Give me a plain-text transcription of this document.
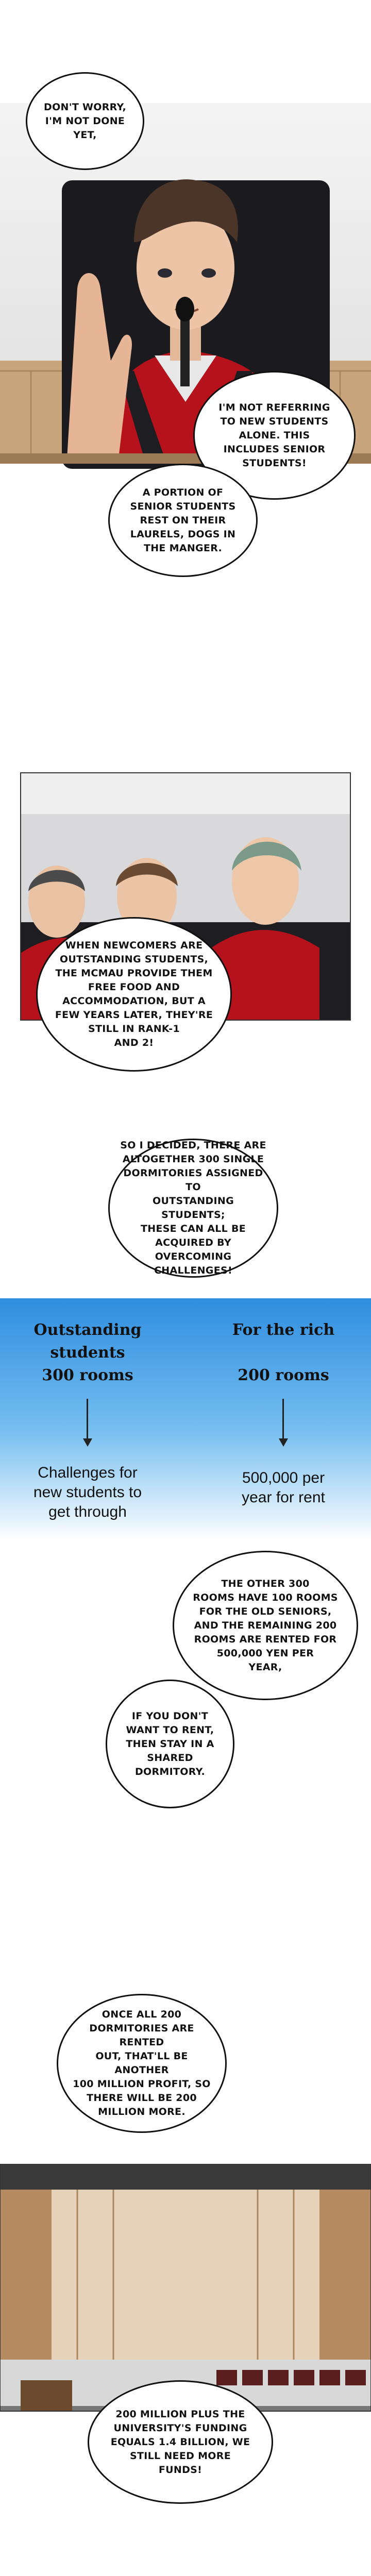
DON'T WORRY,
I'M NOT DONE
YET,
I'M NOT REFERRING
TO NEW STUDENTS
ALONE. THIS
INCLUDES SENIOR
STUDENTS!
A PORTION OF
SENIOR STUDENTS
REST ON THEIR
LAURELS, DOGS IN
THE MANGER.
WHEN NEWCOMERS ARE
OUTSTANDING STUDENTS,
THE MCMAU PROVIDE THEM
FREE FOOD AND
ACCOMMODATION, BUT A
FEW YEARS LATER, THEY'RE
STILL IN RANK-1
AND 2!
SO I DECIDED, THERE ARE
ALTOGETHER 300 SINGLE
DORMITORIES ASSIGNED TO
OUTSTANDING STUDENTS;
THESE CAN ALL BE
ACQUIRED BY OVERCOMING
CHALLENGES!
Outstanding
students
300 rooms
For the rich

200 rooms
Challenges for
new students to
get through
500,000 per
year for rent
THE OTHER 300
ROOMS HAVE 100 ROOMS
FOR THE OLD SENIORS,
AND THE REMAINING 200
ROOMS ARE RENTED FOR
500,000 YEN PER
YEAR,
IF YOU DON'T
WANT TO RENT,
THEN STAY IN A
SHARED
DORMITORY.
ONCE ALL 200
DORMITORIES ARE RENTED
OUT, THAT'LL BE ANOTHER
100 MILLION PROFIT, SO
THERE WILL BE 200
MILLION MORE.
200 MILLION PLUS THE
UNIVERSITY'S FUNDING
EQUALS 1.4 BILLION, WE
STILL NEED MORE
FUNDS!
